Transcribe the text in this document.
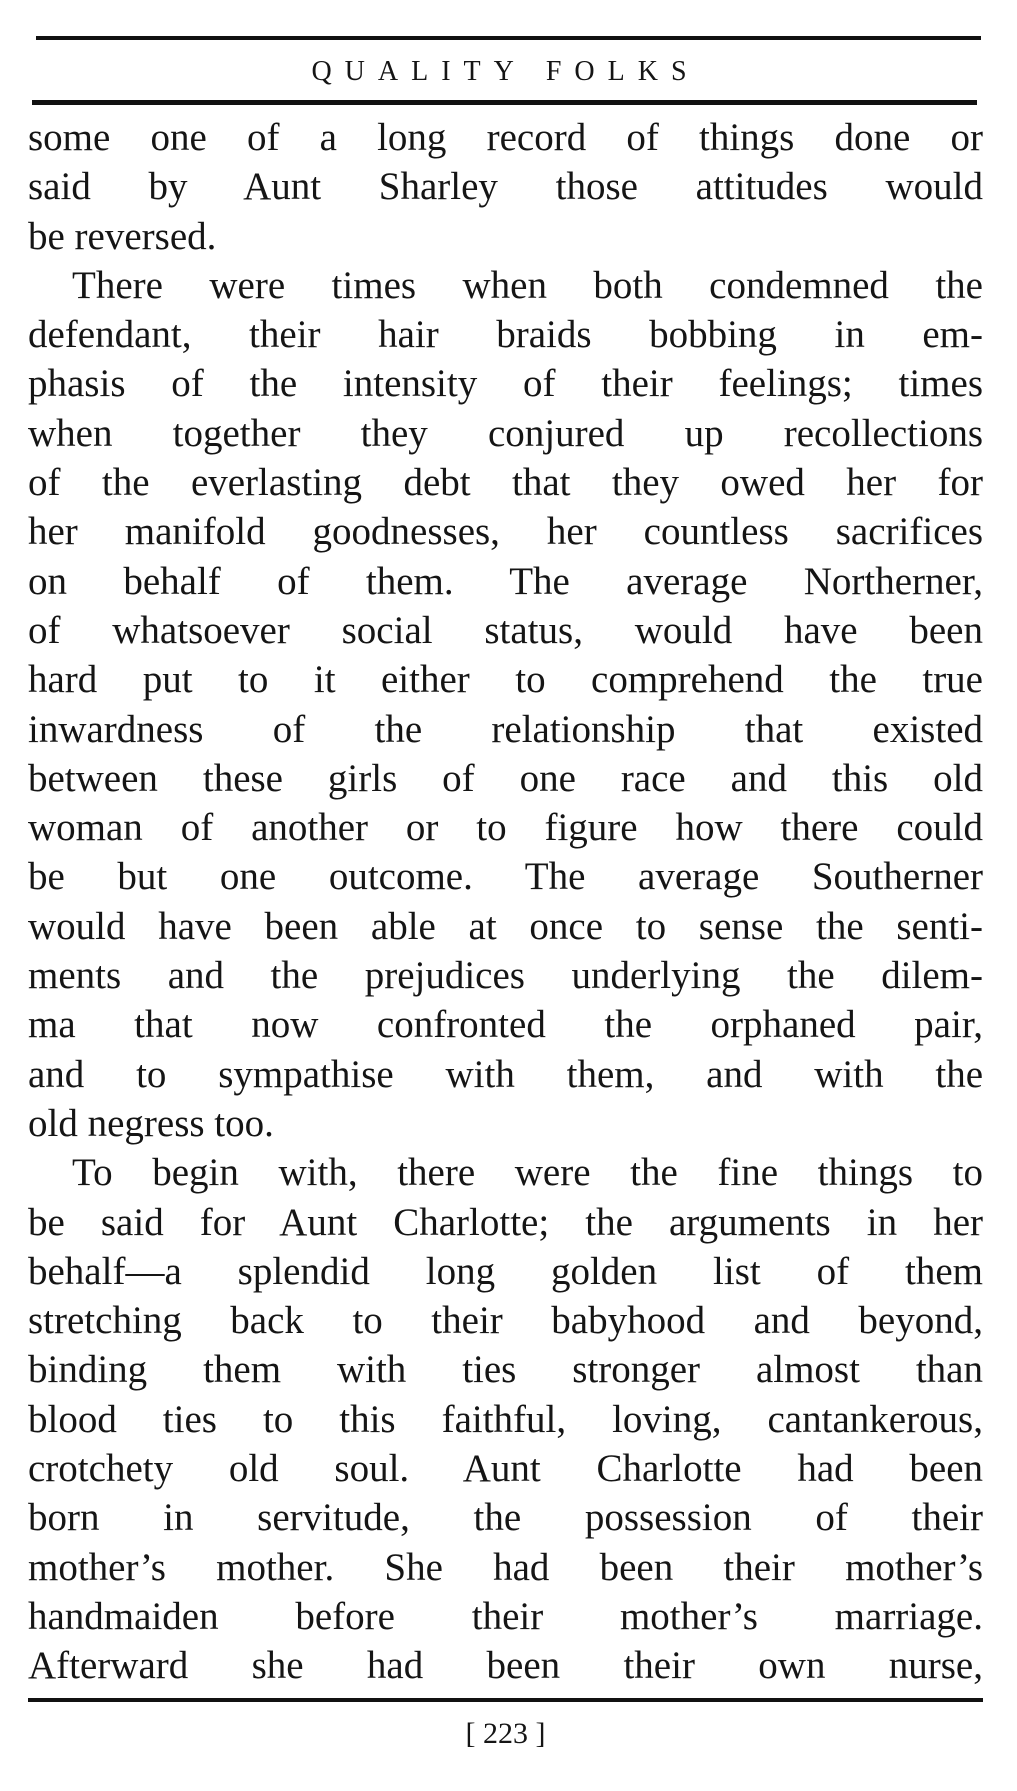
QUALITY FOLKS
some one of a long record of things done or
said by Aunt Sharley those attitudes would
be reversed.
There were times when both condemned the
defendant, their hair braids bobbing in em-
phasis of the intensity of their feelings; times
when together they conjured up recollections
of the everlasting debt that they owed her for
her manifold goodnesses, her countless sacrifices
on behalf of them. The average Northerner,
of whatsoever social status, would have been
hard put to it either to comprehend the true
inwardness of the relationship that existed
between these girls of one race and this old
woman of another or to figure how there could
be but one outcome. The average Southerner
would have been able at once to sense the senti-
ments and the prejudices underlying the dilem-
ma that now confronted the orphaned pair,
and to sympathise with them, and with the
old negress too.
To begin with, there were the fine things to
be said for Aunt Charlotte; the arguments in her
behalf—a splendid long golden list of them
stretching back to their babyhood and beyond,
binding them with ties stronger almost than
blood ties to this faithful, loving, cantankerous,
crotchety old soul. Aunt Charlotte had been
born in servitude, the possession of their
mother’s mother. She had been their mother’s
handmaiden before their mother’s marriage.
Afterward she had been their own nurse,
[ 223 ]
